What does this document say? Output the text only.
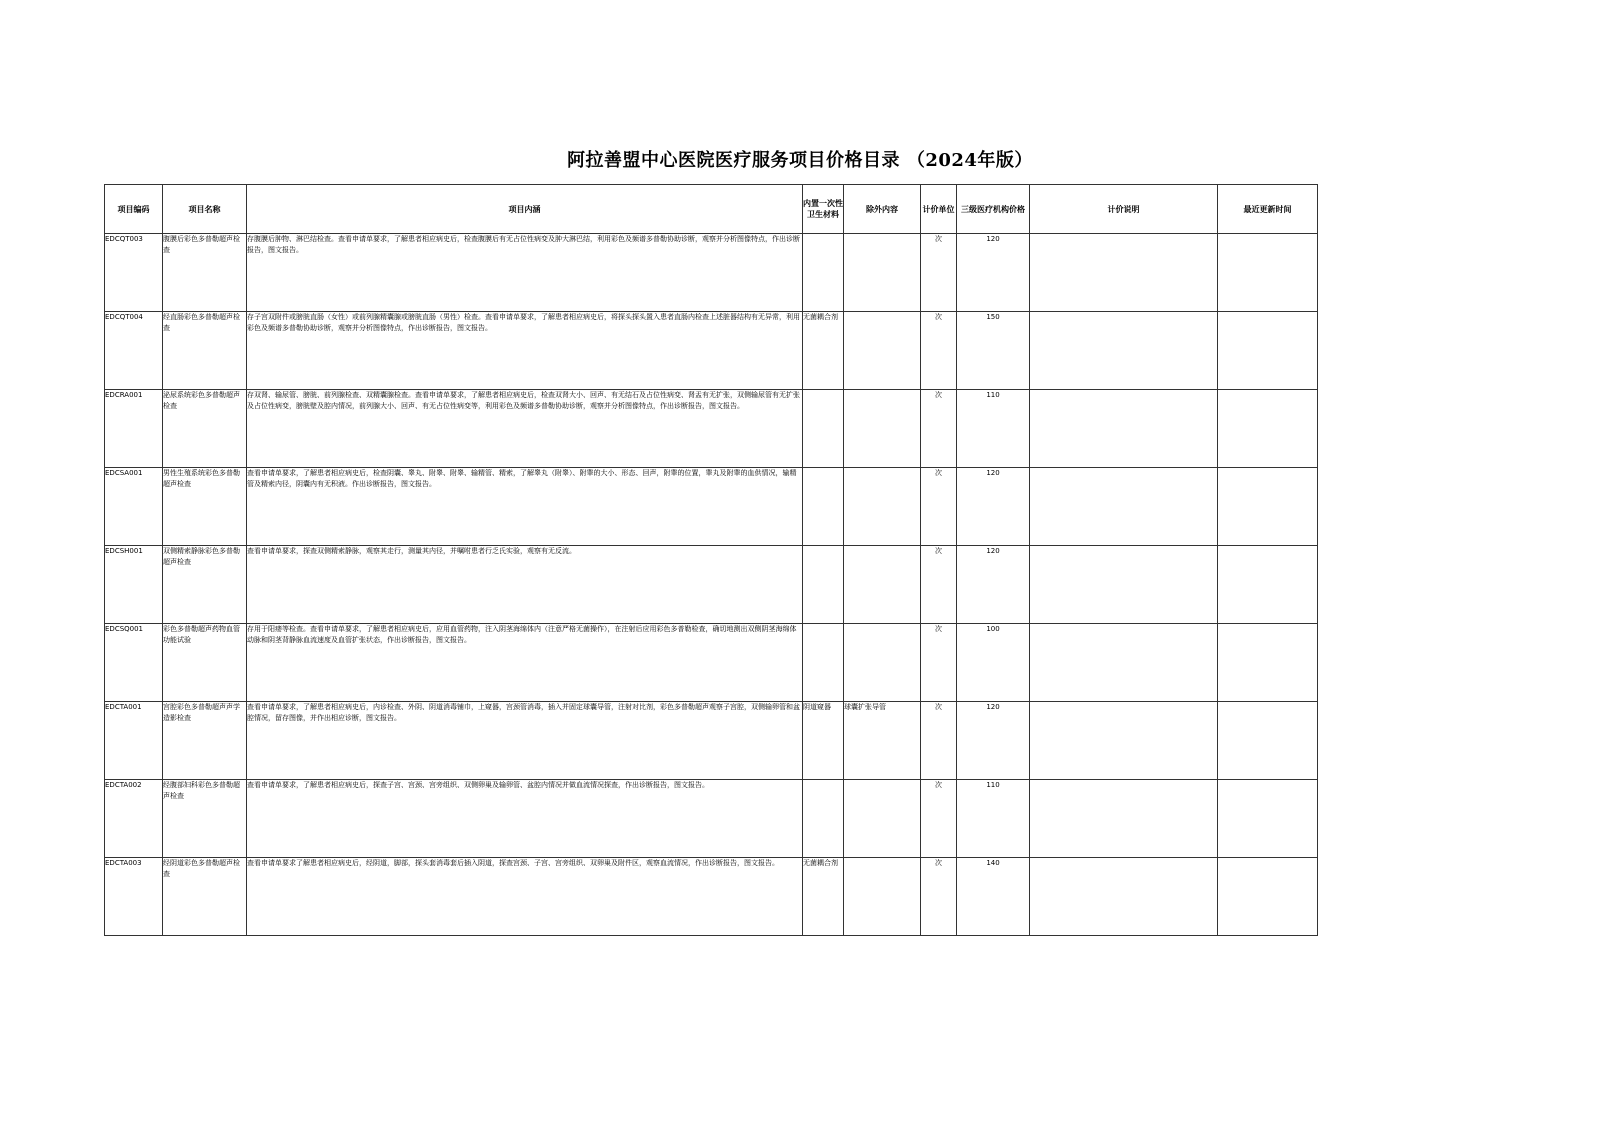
阿拉善盟中心医院医疗服务项目价格目录 （2024年版）
项目编码	项目名称	项目内涵	内置一次性卫生材料	除外内容	计价单位	三级医疗机构价格	计价说明	最近更新时间
EDCQT003	腹膜后彩色多普勒超声检查	存腹膜后肿物、淋巴结检查。查看申请单要求，了解患者相应病史后，检查腹膜后有无占位性病变及肿大淋巴结，利用彩色及频谱多普勒协助诊断，观察并分析图像特点，作出诊断报告，图文报告。			次	120		
EDCQT004	经直肠彩色多普勒超声检查	存子宫双附件或膀胱直肠（女性）或前列腺精囊腺或膀胱直肠（男性）检查。查看申请单要求，了解患者相应病史后，将探头探头置入患者直肠内检查上述脏器结构有无异常，利用彩色及频谱多普勒协助诊断，观察并分析图像特点，作出诊断报告，图文报告。	无菌耦合剂		次	150		
EDCRA001	泌尿系统彩色多普勒超声检查	存双肾、输尿管、膀胱、前列腺检查、双精囊腺检查。查看申请单要求，了解患者相应病史后，检查双肾大小、回声、有无结石及占位性病变、肾盂有无扩张，双侧输尿管有无扩张及占位性病变，膀胱壁及腔内情况，前列腺大小、回声、有无占位性病变等，利用彩色及频谱多普勒协助诊断，观察并分析图像特点，作出诊断报告，图文报告。			次	110		
EDCSA001	男性生殖系统彩色多普勒超声检查	查看申请单要求，了解患者相应病史后，检查阴囊、睾丸、附睾、附睾、输精管、精索，了解睾丸（附睾）、附睾的大小、形态、回声，附睾的位置，睾丸及附睾的血供情况，输精管及精索内径，阴囊内有无积液。作出诊断报告，图文报告。			次	120		
EDCSH001	双侧精索静脉彩色多普勒超声检查	查看申请单要求，探查双侧精索静脉，观察其走行，测量其内径，并嘱咐患者行乏氏实验，观察有无反流。			次	120		
EDCSQ001	彩色多普勒超声药物血管功能试验	存用于阳痿等检查。查看申请单要求，了解患者相应病史后，应用血管药物，注入阴茎海绵体内（注意严格无菌操作），在注射后应用彩色多普勒检查，确切地测出双侧阴茎海绵体动脉和阴茎背静脉血流速度及血管扩张状态，作出诊断报告，图文报告。			次	100		
EDCTA001	宫腔彩色多普勒超声声学造影检查	查看申请单要求，了解患者相应病史后，内诊检查、外阴、阴道消毒铺巾，上窥器，宫颈管消毒，插入并固定球囊导管，注射对比剂，彩色多普勒超声观察子宫腔，双侧输卵管和盆腔情况，留存图像，并作出相应诊断，图文报告。	阴道窥器	球囊扩张导管	次	120		
EDCTA002	经腹部妇科彩色多普勒超声检查	查看申请单要求，了解患者相应病史后，探查子宫、宫颈、宫旁组织、双侧卵巢及输卵管、盆腔内情况并做血流情况探查，作出诊断报告，图文报告。			次	110		
EDCTA003	经阴道彩色多普勒超声检查	查看申请单要求了解患者相应病史后，经阴道，脚部，探头套消毒套后插入阴道，探查宫颈、子宫、宫旁组织、双卵巢及附件区，观察血流情况，作出诊断报告，图文报告。	无菌耦合剂		次	140		
